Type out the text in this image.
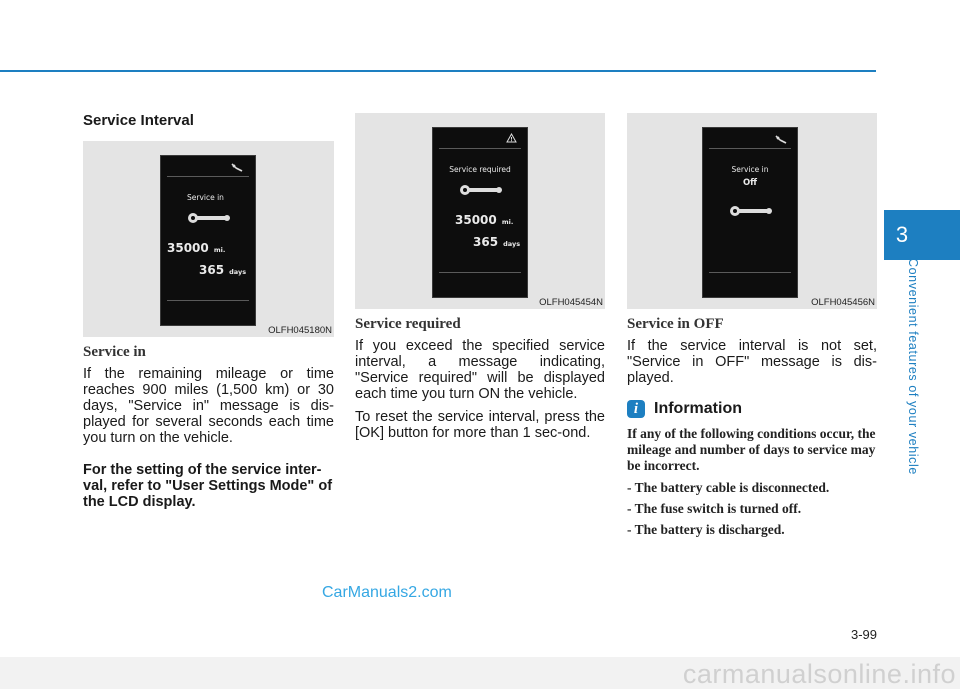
3
Convenient features of your vehicle
Service Interval
Service in
35000 mi.
365 days
OLFH045180N
Service in

If the remaining mileage or time reaches 900 miles (1,500 km) or 30 days, "Service in" message is dis-played for several seconds each time you turn on the vehicle.

For the setting of the service inter-val, refer to "User Settings Mode" of the LCD display.

Service required
35000 mi.
365 days
OLFH045454N
Service required

If you exceed the specified service interval, a message indicating, "Service required" will be displayed each time you turn ON the vehicle.

To reset the service interval, press the [OK] button for more than 1 sec-ond.

Service in
Off
OLFH045456N
Service in OFF

If the service interval is not set, "Service in OFF" message is dis-played.

i Information

If any of the following conditions occur, the mileage and number of days to service may be incorrect.

- The battery cable is disconnected.
- The fuse switch is turned off.
- The battery is discharged.
CarManuals2.com
3-99
carmanualsonline.info
